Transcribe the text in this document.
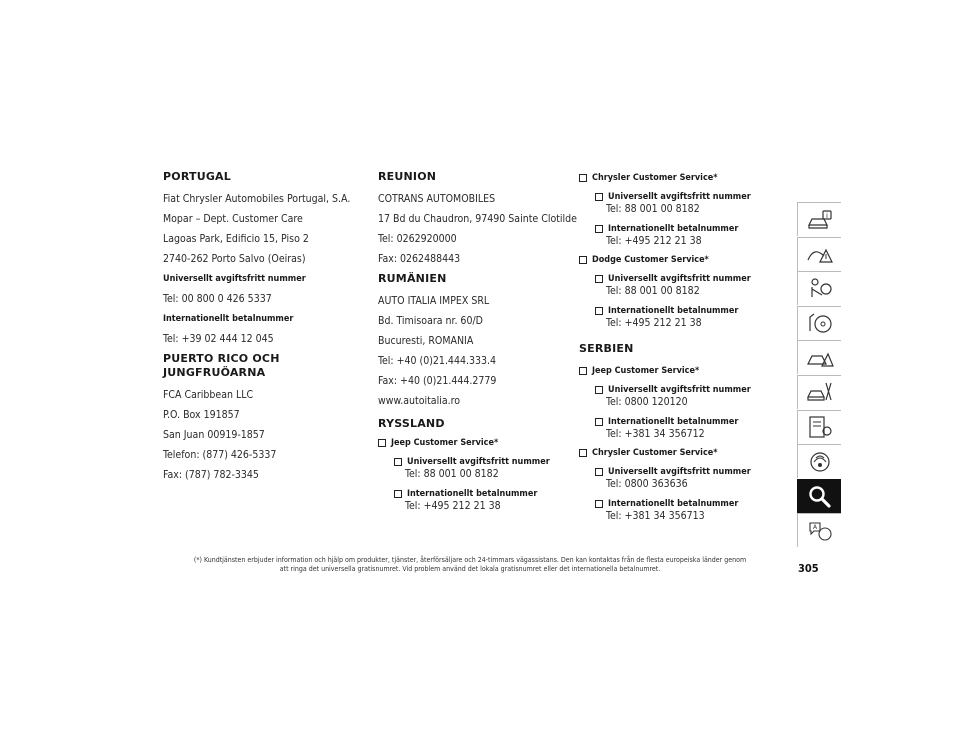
PORTUGAL
Fiat Chrysler Automobiles Portugal, S.A.
Mopar – Dept. Customer Care
Lagoas Park, Edificio 15, Piso 2
2740-262 Porto Salvo (Oeiras)
Universellt avgiftsfritt nummer
Tel: 00 800 0 426 5337
Internationellt betalnummer
Tel: +39 02 444 12 045
PUERTO RICO OCH JUNGFRUÖARNA
FCA Caribbean LLC
P.O. Box 191857
San Juan 00919-1857
Telefon: (877) 426-5337
Fax: (787) 782-3345
REUNION
COTRANS AUTOMOBILES
17 Bd du Chaudron, 97490 Sainte Clotilde
Tel: 0262920000
Fax: 0262488443
RUMÄNIEN
AUTO ITALIA IMPEX SRL
Bd. Timisoara nr. 60/D
Bucuresti, ROMANIA
Tel: +40 (0)21.444.333.4
Fax: +40 (0)21.444.2779
www.autoitalia.ro
RYSSLAND
Jeep Customer Service*
Universellt avgiftsfritt nummer
Tel: 88 001 00 8182
Internationellt betalnummer
Tel: +495 212 21 38
Chrysler Customer Service*
Universellt avgiftsfritt nummer
Tel: 88 001 00 8182
Internationellt betalnummer
Tel: +495 212 21 38
Dodge Customer Service*
Universellt avgiftsfritt nummer
Tel: 88 001 00 8182
Internationellt betalnummer
Tel: +495 212 21 38
SERBIEN
Jeep Customer Service*
Universellt avgiftsfritt nummer
Tel: 0800 120120
Internationellt betalnummer
Tel: +381 34 356712
Chrysler Customer Service*
Universellt avgiftsfritt nummer
Tel: 0800 363636
Internationellt betalnummer
Tel: +381 34 356713
i
A
(*) Kundtjänsten erbjuder information och hjälp om produkter, tjänster, återförsäljare och 24-timmars vägassistans. Den kan kontaktas från de flesta europeiska länder genom
att ringa det universella gratisnumret. Vid problem använd det lokala gratisnumret eller det internationella betalnumret.	305
